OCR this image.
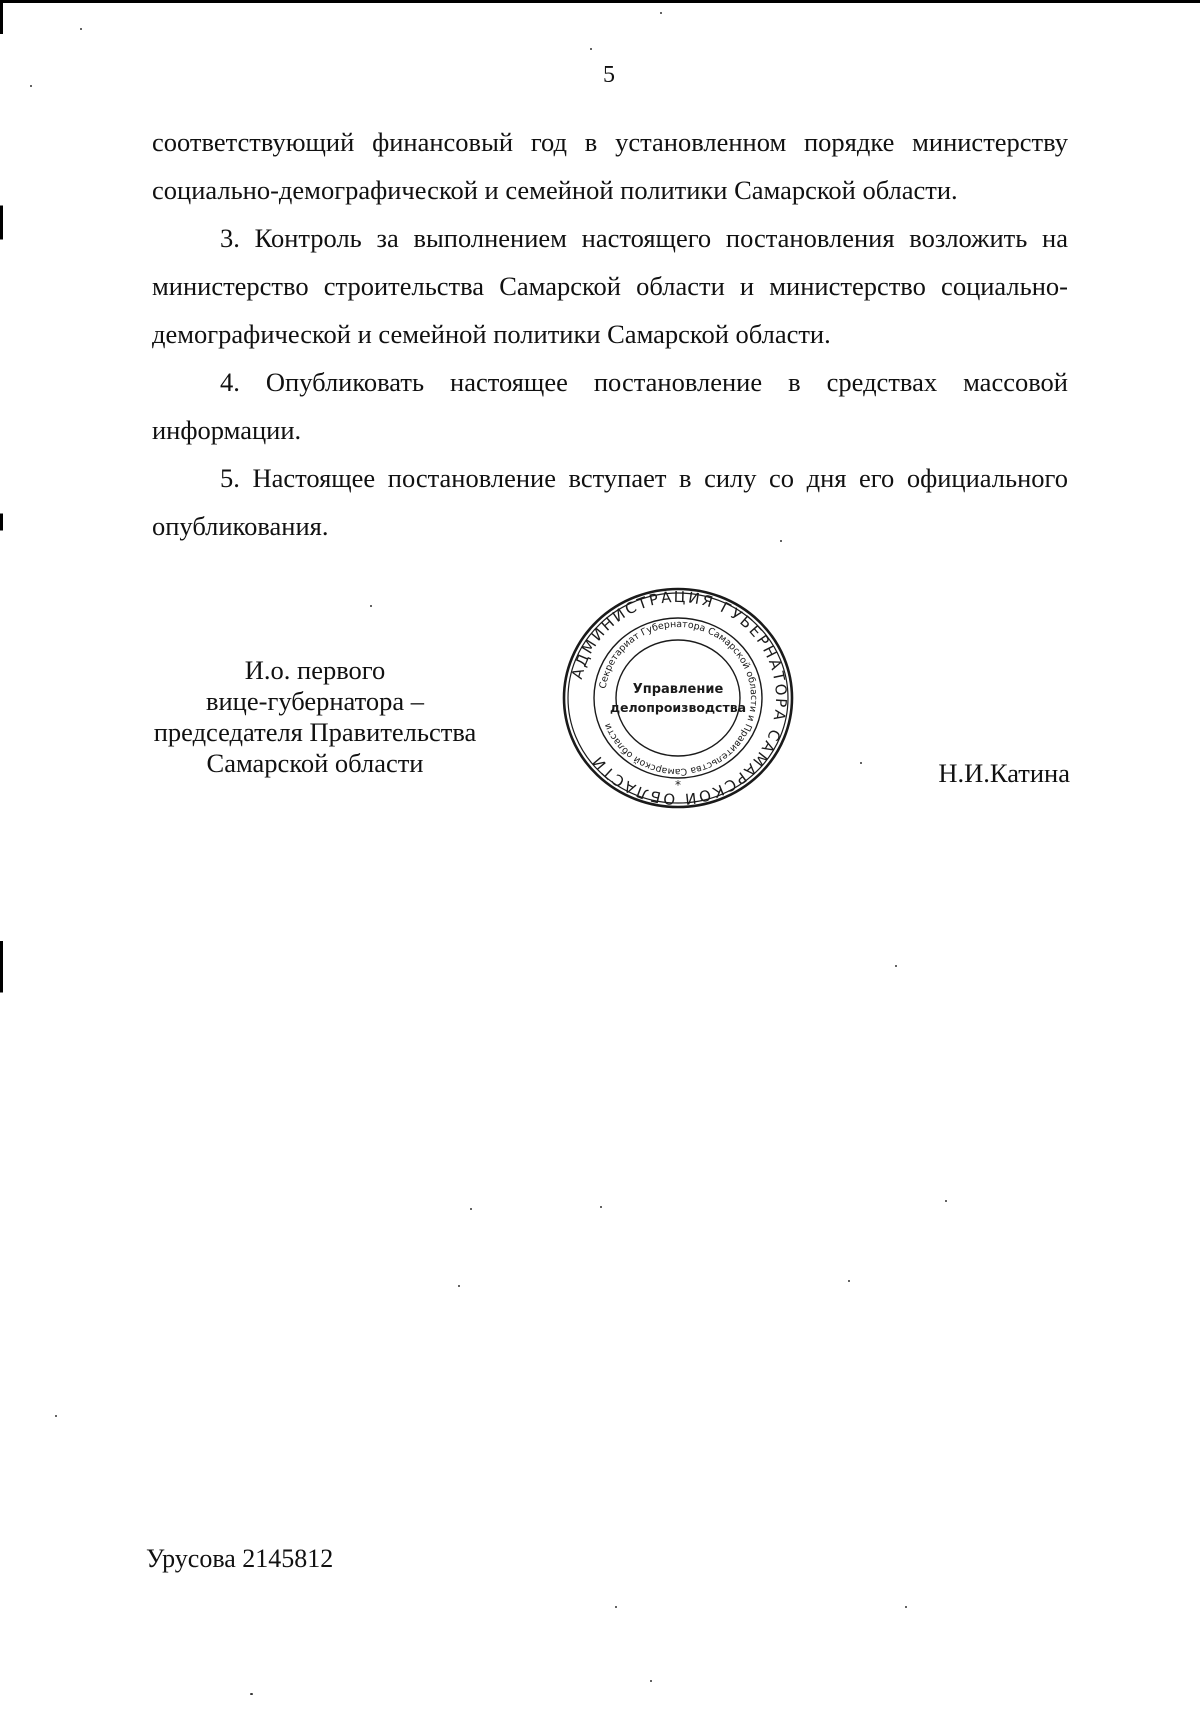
5

соответствующий финансовый год в установленном порядке министерству социально-демографической и семейной политики Самарской области.

3. Контроль за выполнением настоящего постановления возложить на министерство строительства Самарской области и министерство социально-демографической и семейной политики Самарской области.

4. Опубликовать настоящее постановление в средствах массовой информации.

5. Настоящее постановление вступает в силу со дня его официального опубликования.

И.о. первого
вице-губернатора –
председателя Правительства
Самарской области
АДМИНИСТРАЦИЯ ГУБЕРНАТОРА САМАРСКОЙ ОБЛАСТИ
Секретариат Губернатора Самарской области и Правительства Самарской области
Управление
делопроизводства
*	Н.И.Катина
Урусова 2145812
